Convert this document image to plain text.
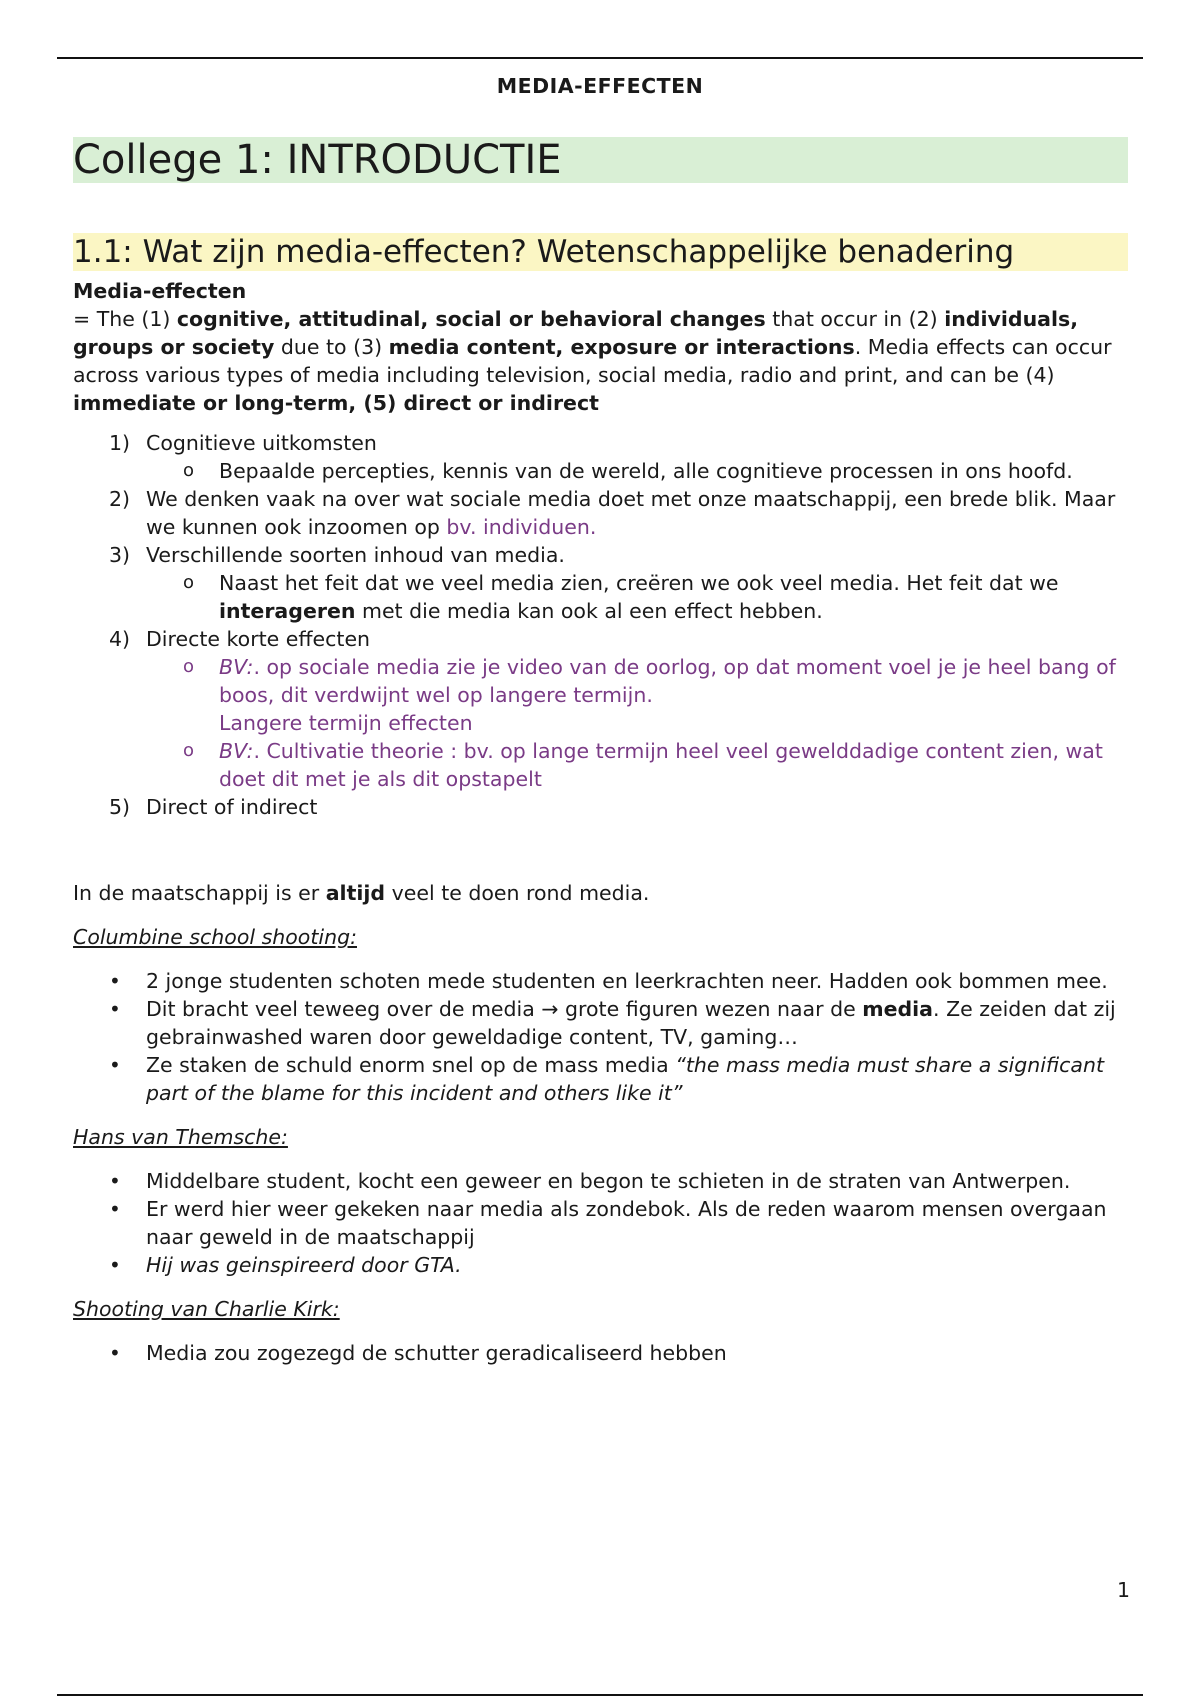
MEDIA-EFFECTEN
College 1: INTRODUCTIE
1.1: Wat zijn media-effecten? Wetenschappelijke benadering
Media-effecten
= The (1) cognitive, attitudinal, social or behavioral changes that occur in (2) individuals, groups or society due to (3) media content, exposure or interactions. Media effects can occur across various types of media including television, social media, radio and print, and can be (4) immediate or long-term, (5) direct or indirect
1) Cognitieve uitkomsten
o Bepaalde percepties, kennis van de wereld, alle cognitieve processen in ons hoofd.
2) We denken vaak na over wat sociale media doet met onze maatschappij, een brede blik. Maar we kunnen ook inzoomen op bv. individuen.
3) Verschillende soorten inhoud van media.
o Naast het feit dat we veel media zien, creëren we ook veel media. Het feit dat we interageren met die media kan ook al een effect hebben.
4) Directe korte effecten
o BV:. op sociale media zie je video van de oorlog, op dat moment voel je je heel bang of boos, dit verdwijnt wel op langere termijn.
Langere termijn effecten
o BV:. Cultivatie theorie : bv. op lange termijn heel veel gewelddadige content zien, wat doet dit met je als dit opstapelt
5) Direct of indirect
In de maatschappij is er altijd veel te doen rond media.
Columbine school shooting:
• 2 jonge studenten schoten mede studenten en leerkrachten neer. Hadden ook bommen mee.
• Dit bracht veel teweeg over de media → grote figuren wezen naar de media. Ze zeiden dat zij gebrainwashed waren door geweldadige content, TV, gaming…
• Ze staken de schuld enorm snel op de mass media “the mass media must share a significant part of the blame for this incident and others like it”
Hans van Themsche:
• Middelbare student, kocht een geweer en begon te schieten in de straten van Antwerpen.
• Er werd hier weer gekeken naar media als zondebok. Als de reden waarom mensen overgaan naar geweld in de maatschappij
• Hij was geinspireerd door GTA.
Shooting van Charlie Kirk:
• Media zou zogezegd de schutter geradicaliseerd hebben
1
